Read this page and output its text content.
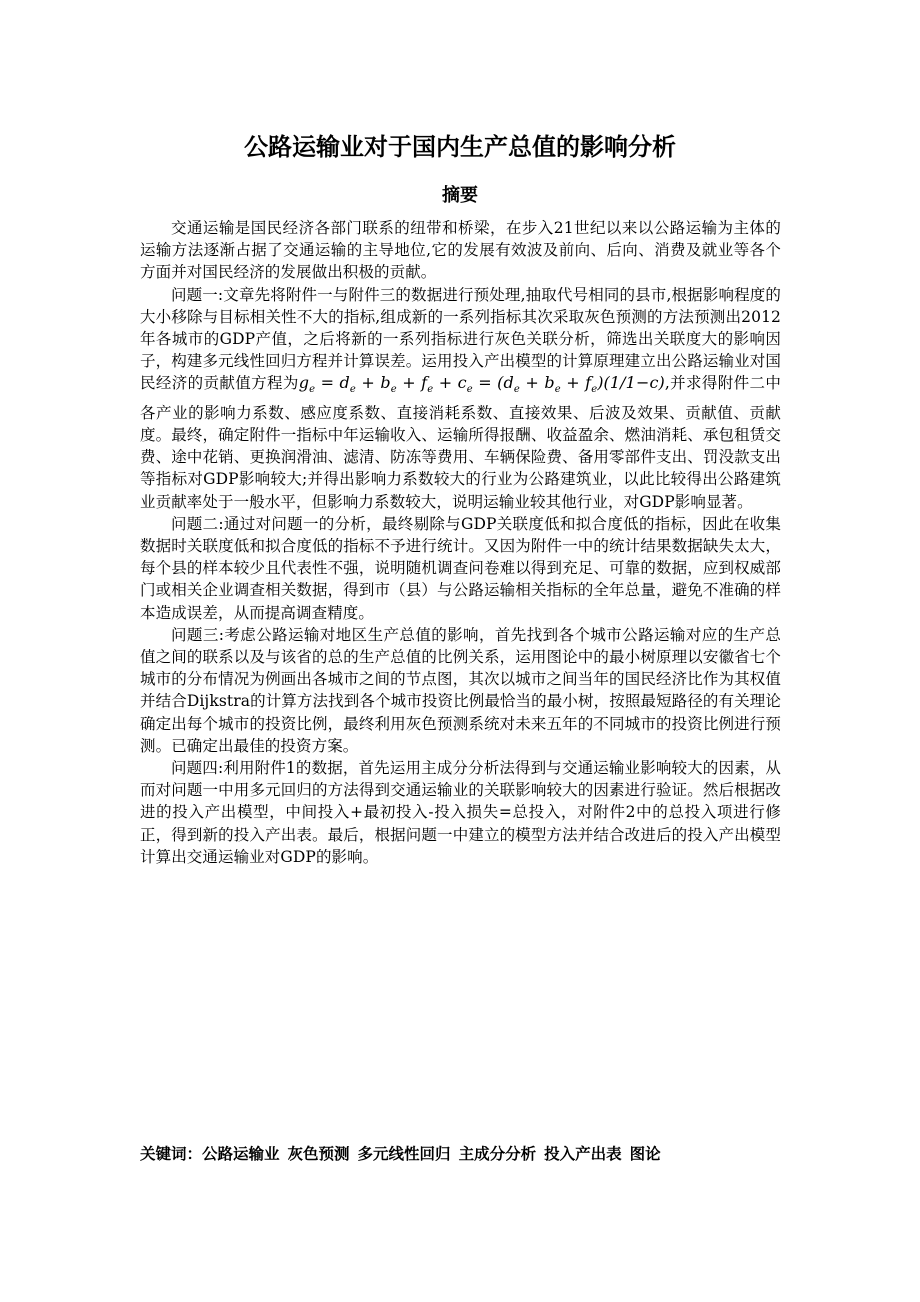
公路运输业对于国内生产总值的影响分析
摘要

交通运输是国民经济各部门联系的纽带和桥梁，在步入21世纪以来以公路运输为主体的运输方法逐渐占据了交通运输的主导地位,它的发展有效波及前向、后向、消费及就业等各个方面并对国民经济的发展做出积极的贡献。

问题一:文章先将附件一与附件三的数据进行预处理,抽取代号相同的县市,根据影响程度的大小移除与目标相关性不大的指标,组成新的一系列指标其次采取灰色预测的方法预测出2012年各城市的GDP产值，之后将新的一系列指标进行灰色关联分析，筛选出关联度大的影响因子，构建多元线性回归方程并计算误差。运用投入产出模型的计算原理建立出公路运输业对国民经济的贡献值方程为$g_e = d_e + b_e + f_e + c_e = (d_e + b_e + f_e)(1/1-c)$,并求得附件二中各产业的影响力系数、感应度系数、直接消耗系数、直接效果、后波及效果、贡献值、贡献度。最终，确定附件一指标中年运输收入、运输所得报酬、收益盈余、燃油消耗、承包租赁交费、途中花销、更换润滑油、滤清、防冻等费用、车辆保险费、备用零部件支出、罚没款支出等指标对GDP影响较大;并得出影响力系数较大的行业为公路建筑业，以此比较得出公路建筑业贡献率处于一般水平，但影响力系数较大，说明运输业较其他行业，对GDP影响显著。

问题二:通过对问题一的分析，最终剔除与GDP关联度低和拟合度低的指标，因此在收集数据时关联度低和拟合度低的指标不予进行统计。又因为附件一中的统计结果数据缺失太大，每个县的样本较少且代表性不强，说明随机调查问卷难以得到充足、可靠的数据，应到权威部门或相关企业调查相关数据，得到市（县）与公路运输相关指标的全年总量，避免不准确的样本造成误差，从而提高调查精度。

问题三:考虑公路运输对地区生产总值的影响，首先找到各个城市公路运输对应的生产总值之间的联系以及与该省的总的生产总值的比例关系，运用图论中的最小树原理以安徽省七个城市的分布情况为例画出各城市之间的节点图，其次以城市之间当年的国民经济比作为其权值并结合Dijkstra的计算方法找到各个城市投资比例最恰当的最小树，按照最短路径的有关理论确定出每个城市的投资比例，最终利用灰色预测系统对未来五年的不同城市的投资比例进行预测。已确定出最佳的投资方案。

问题四:利用附件1的数据，首先运用主成分分析法得到与交通运输业影响较大的因素，从而对问题一中用多元回归的方法得到交通运输业的关联影响较大的因素进行验证。然后根据改进的投入产出模型，中间投入+最初投入-投入损失=总投入，对附件2中的总投入项进行修正，得到新的投入产出表。最后，根据问题一中建立的模型方法并结合改进后的投入产出模型计算出交通运输业对GDP的影响。

关键词：公路运输业 灰色预测 多元线性回归 主成分分析 投入产出表 图论
